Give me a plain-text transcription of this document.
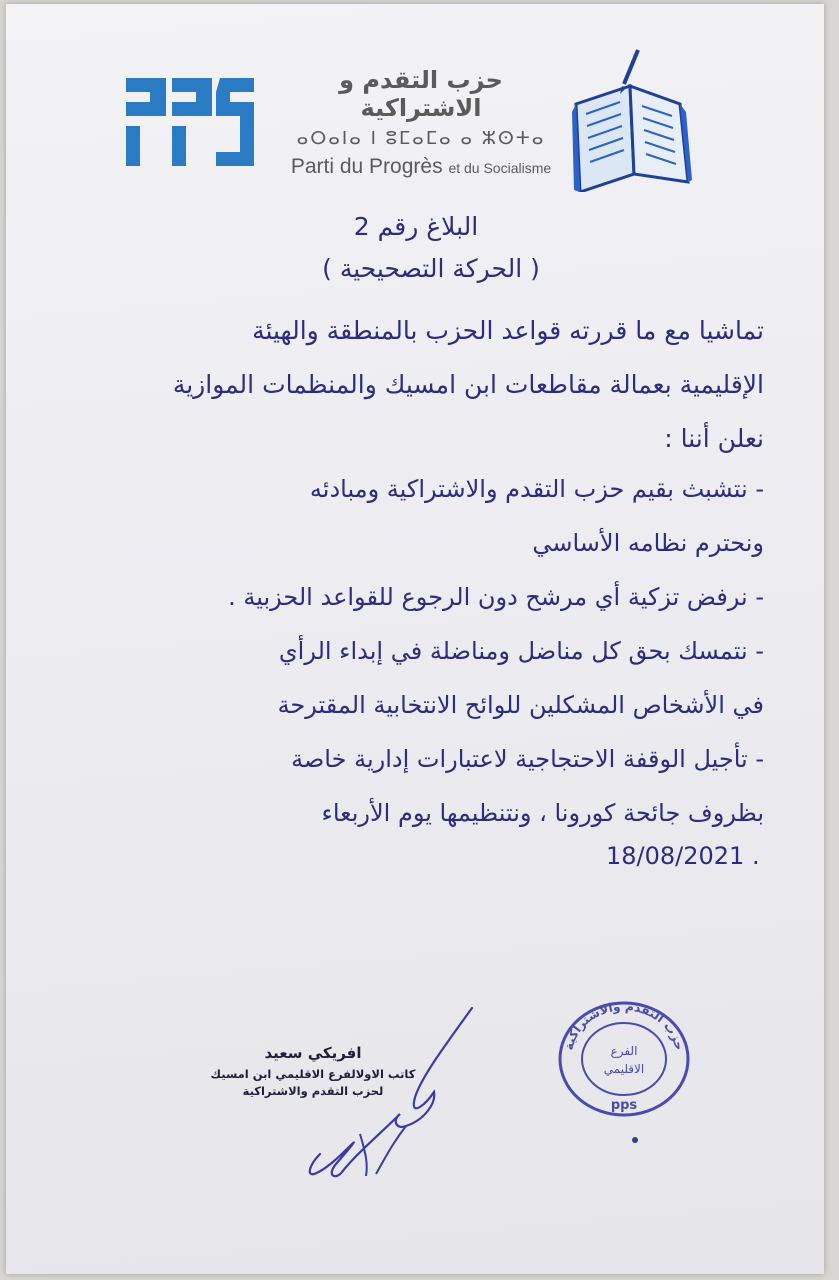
حزب التقدم و الاشتراكية
ⴰⵔⴰⵏⴰ Ⅰ ⵓⵎⴰⵎⴰ ⴰ ⵣⵙⵜⴰ
Parti du Progrès et du Socialisme
البلاغ رقم 2
( الحركة التصحيحية )
تماشيا مع ما قررته قواعد الحزب بالمنطقة والهيئة
الإقليمية بعمالة مقاطعات ابن امسيك والمنظمات الموازية
نعلن أننا :
- نتشبث بقيم حزب التقدم والاشتراكية ومبادئه
ونحترم نظامه الأساسي
- نرفض تزكية أي مرشح دون الرجوع للقواعد الحزبية .
- نتمسك بحق كل مناضل ومناضلة في إبداء الرأي
في الأشخاص المشكلين للوائح الانتخابية المقترحة
- تأجيل الوقفة الاحتجاجية لاعتبارات إدارية خاصة
بظروف جائحة كورونا ، ونتنظيمها يوم الأربعاء
18/08/2021 .
افريكي سعيد
كاتب الاولالفرع الاقليمي ابن امسيك
لحزب التقدم والاشتراكية
حزب التقدم والاشتراكية
الفرع
الاقليمي
pps
